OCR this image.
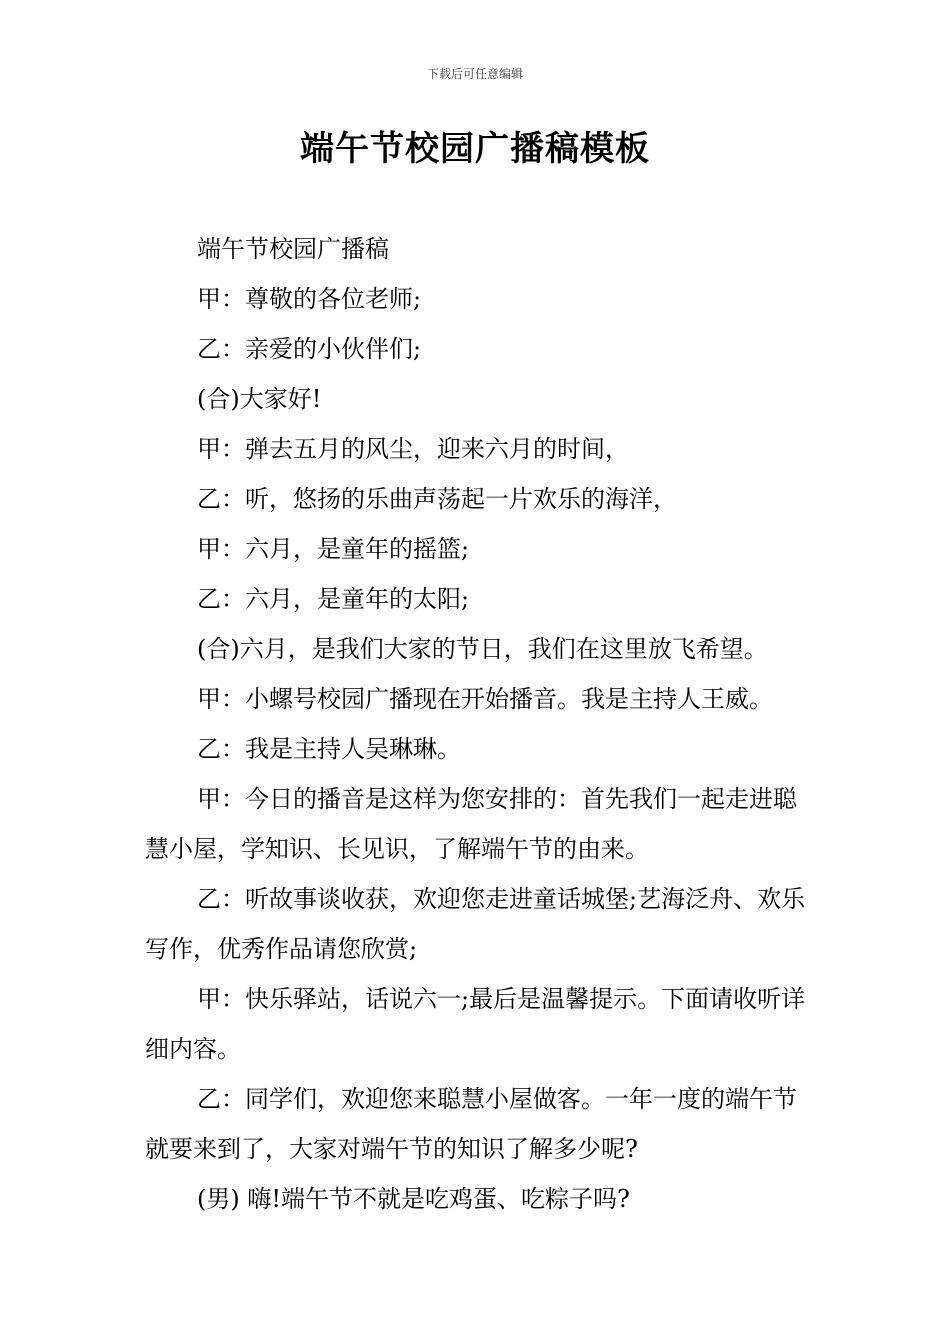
下载后可任意编辑
端午节校园广播稿模板

端午节校园广播稿

甲：尊敬的各位老师;

乙：亲爱的小伙伴们;

(合)大家好!

甲：弹去五月的风尘，迎来六月的时间，

乙：听，悠扬的乐曲声荡起一片欢乐的海洋，

甲：六月，是童年的摇篮;

乙：六月，是童年的太阳;

(合)六月，是我们大家的节日，我们在这里放飞希望。

甲：小螺号校园广播现在开始播音。我是主持人王威。

乙：我是主持人吴琳琳。

甲：今日的播音是这样为您安排的：首先我们一起走进聪慧小屋，学知识、长见识，了解端午节的由来。

乙：听故事谈收获，欢迎您走进童话城堡;艺海泛舟、欢乐写作，优秀作品请您欣赏;

甲：快乐驿站，话说六一;最后是温馨提示。下面请收听详细内容。

乙：同学们，欢迎您来聪慧小屋做客。一年一度的端午节就要来到了，大家对端午节的知识了解多少呢?

(男) 嗨!端午节不就是吃鸡蛋、吃粽子吗?
